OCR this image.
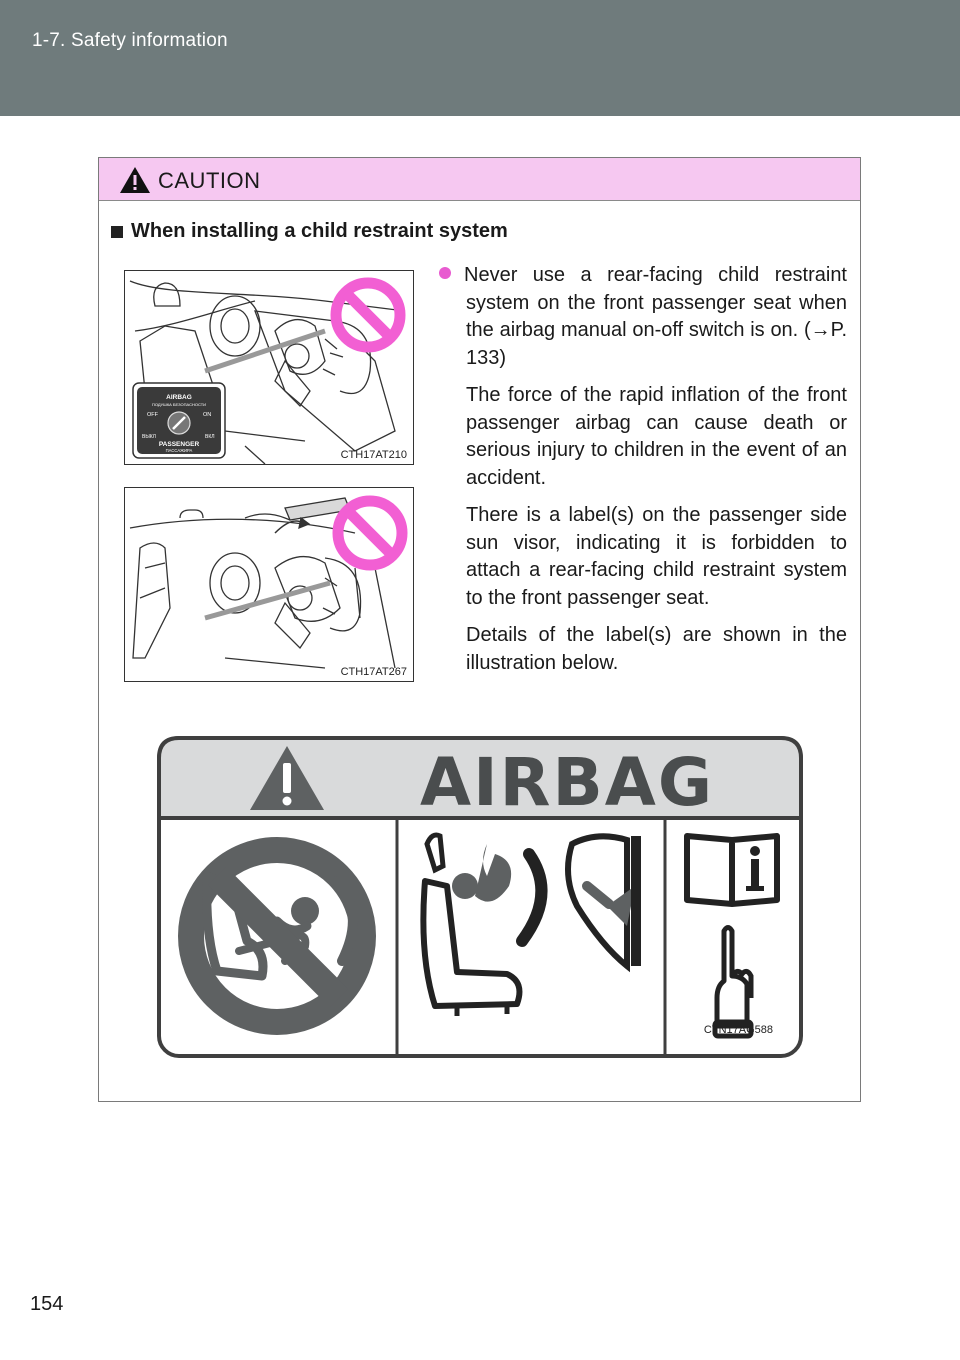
1-7. Safety information
CAUTION
When installing a child restraint system
AIRBAG
ПОДУШКА БЕЗОПАСНОСТИ
OFF	ON
ВЫКЛ	ВКЛ
PASSENGER
ПАССАЖИРА	CTH17AT210
CTH17AT267

Never use a rear-facing child restraint system on the front passenger seat when the airbag manual on-off switch is on. (→P. 133)

The force of the rapid inflation of the front passenger airbag can cause death or serious injury to children in the event of an accident.

There is a label(s) on the passenger side sun visor, indicating it is forbidden to attach a rear-facing child restraint system to the front passenger seat.

Details of the label(s) are shown in the illustration below.

AIRBAG
CTN17AG588
154
